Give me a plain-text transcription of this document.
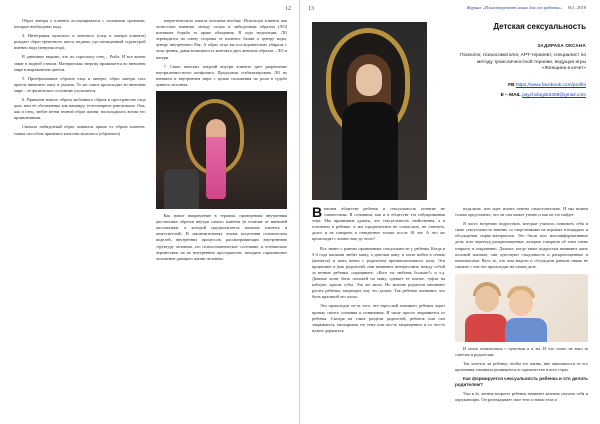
12

Образ матери у клиента ассоциировался с половыми органами, которые необходимо вода.

4. Интеграция мужского и женского (отца и матери клиента) рождает образ трепетного аиста, видимо, где насыщенный структурой именно вода (энергия отца).

В динамике видимо, что по гороскопу отец – Рыба. И все жизнь завит в водной стихии. Материнская энергия проявляется во внешнем мире в выраженном цветом.

5. Преобразование образов отца и матери, образ матери стал крепче внешнего окну и указать. То же самое происходит во внешнем мире – её физическое состояние улучшается.

6. Принятие нового образа любовного образа в пространстве отца дало нам её обозначение как вампиру, телесноврное рангатишие. Она, как и отец, любит ветви земной образ жизни, насмладилась всеми его проявлениями.

Сначала либидозный образ появился прямо от образа клиента, таким способом применил качества мужского (образного)

энергетического канала человека вообще. Используя клиента как полностью влияние, между отцом и либидозным образом (ЛО) возникает борьба за право обладания. В ходе медитации, ЛО переводится на смену стороны от клиента, ближе к центру воды, центру внутреннего Рая. А образ отца вы последовательно убирала с поля зрения, давая возможность контакта двух женских образов – ЛО и матери.

7. Связь женских энергий внутри клиента дает разрешение внутриличностного конфликта. Продолжая стабилизировать ЛО во внешнем и внутреннем мире с целью положения их роли в судьбе данного человека.

Как новое направление в терапии, проведенная внутренняя расстановка образов внутри самого клиента (в отличие от внешней расстановки, в которой предполагается наличие клиента и заместителей). В заключительных этапах исцеления психических моделей, внутренних процессов, рассматривающих внутреннюю структуру человека, его психосоматическое состояние, и оптимально перенесение их во внутреннем пространстве, находить гармоничное положение дающего жизни человека.

13	Журнал «Психотерапевт влиял для его работы» №1, 2018
Детская сексуальность
ЗАДИРАКА ОКСАНА
Психолог, психосоматолог, АРТ-терапевт, специалист по методу трансличностной терапии, ведущая игры «Женщина в кочет»
FB https://www.facebook.com/profile
E – MAIL psychologist2409@gmail.com

Внашем обществе ребенок и сексуальность понятие не совместимы. В основном, как и в обществе эта табуированная тема. Мы принимаем думать, что сексуальность свойственна, а в основном в ребенке, и мы предпочитаем не осмыслять, не отвечать, долго и не говорить в отведенное только после 18 лет. А что же происходит с личностью до этого?

Все знают о ранних проявлениях сексуальности у ребенка. Когда в 3-4 года малыши любят маму, а девочки пану, и хотят войти в семью (женится) и жить вечно с родителем противоположного пола. Эти проявляют в (как родителей, они начинают интересовать между собой за вечные ребенка, спрашивать: «Кого ты любишь больше?» и т.д. Дамные хотят быть похожей на маму, одевает ее платье, туфли на каблуке, красит губы. Это же мило. Но многие родители начинают ругать ребенка, запрещать ему это делать. Так ребенок понимает, что быть красивой это плохо.

Это происходит из-за того, что взрослый понимает ребенок через призму своего сознания и понимания. И чаще просто закрывается от ребенка. Смотря на такое раздели родителей, ребенок или сам закрывается, маскировая эту тему или что-то запрещенное и то что-то нужно держаться

подальше, или идет искать ответы самостоятельно. И мы можем только представить, что он сам может узнать и как он это найдет.

Я часто встречаю подростков, которые учились понимать себя и свою сексуальность именно со сверстниками на игровых площадках и обсуждении порно-материалов. Это были или малоинформативные дети, или черезчур раскрепощенные, которые говорили об этом очень открыто и откровенно. Дальше, когда такие подростки начинают жить половой жизнью, они чувствуют стыдливость и раскрепощенные и комплексами. Весь то, что они видели и обсуждали раньше никак не связано с тем что происходит на самом деле.

И опять взаимосвязь с чувством я и ты. И что точно не взял за советом и родителям.

Так хочется ли ребенку, чтобы его жизнь, вне зависимости от его признания, начинала развиваться от одиночества и всех страх.

Как формируется сексуальность ребенка и что делать родителям?

Уже в 2х летнем возрасте ребенок начинает активно изучать себя и окружающих. Он разглядывает свое тело и наши тела и
